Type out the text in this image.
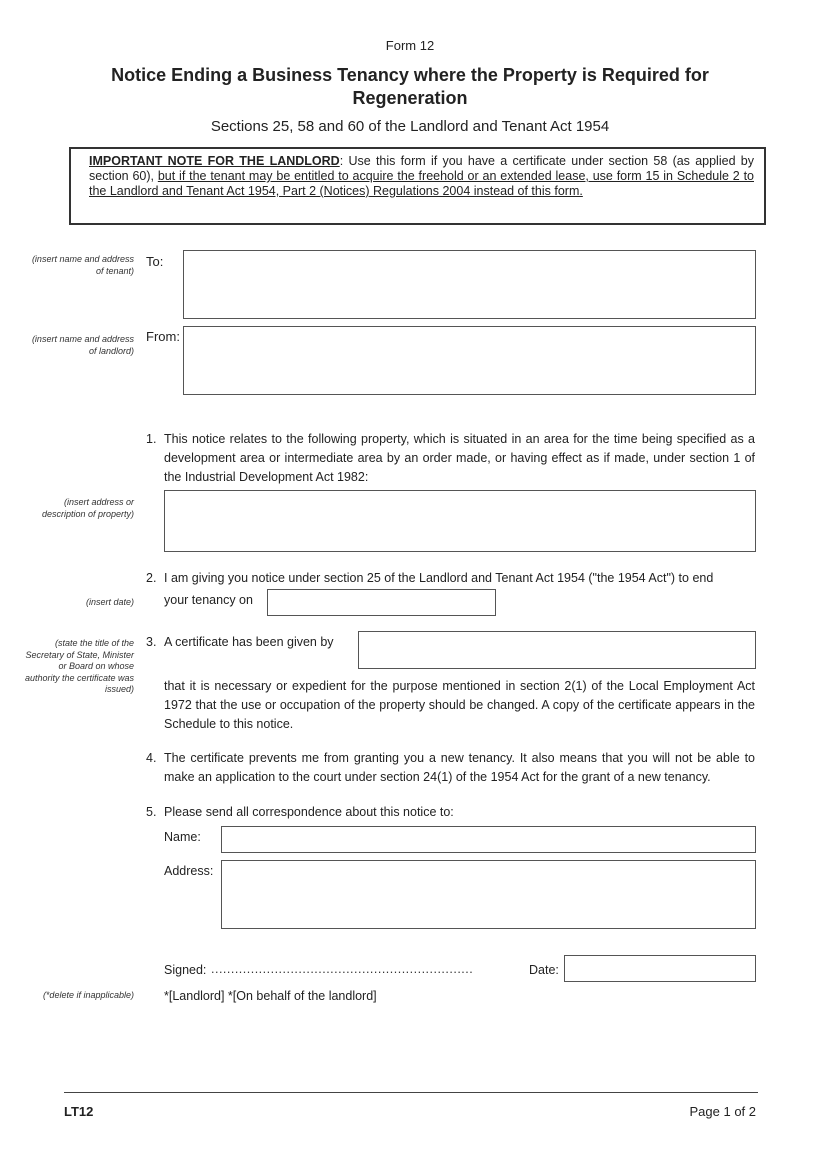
Form 12
Notice Ending a Business Tenancy where the Property is Required for Regeneration
Sections 25, 58 and 60 of the Landlord and Tenant Act 1954
IMPORTANT NOTE FOR THE LANDLORD: Use this form if you have a certificate under section 58 (as applied by section 60), but if the tenant may be entitled to acquire the freehold or an extended lease, use form 15 in Schedule 2 to the Landlord and Tenant Act 1954, Part 2 (Notices) Regulations 2004 instead of this form.
(insert name and address of tenant)
To:
(insert name and address of landlord)
From:
1. This notice relates to the following property, which is situated in an area for the time being specified as a development area or intermediate area by an order made, or having effect as if made, under section 1 of the Industrial Development Act 1982:
(insert address or description of property)
2. I am giving you notice under section 25 of the Landlord and Tenant Act 1954 ("the 1954 Act") to end
your tenancy on
(insert date)
(state the title of the Secretary of State, Minister or Board on whose authority the certificate was issued)
3. A certificate has been given by
that it is necessary or expedient for the purpose mentioned in section 2(1) of the Local Employment Act 1972 that the use or occupation of the property should be changed. A copy of the certificate appears in the Schedule to this notice.
4. The certificate prevents me from granting you a new tenancy. It also means that you will not be able to make an application to the court under section 24(1) of the 1954 Act for the grant of a new tenancy.
5. Please send all correspondence about this notice to:
Name:
Address:
Signed: ..................................................................	Date:
(*delete if inapplicable) *[Landlord] *[On behalf of the landlord]
LT12	Page 1 of 2
